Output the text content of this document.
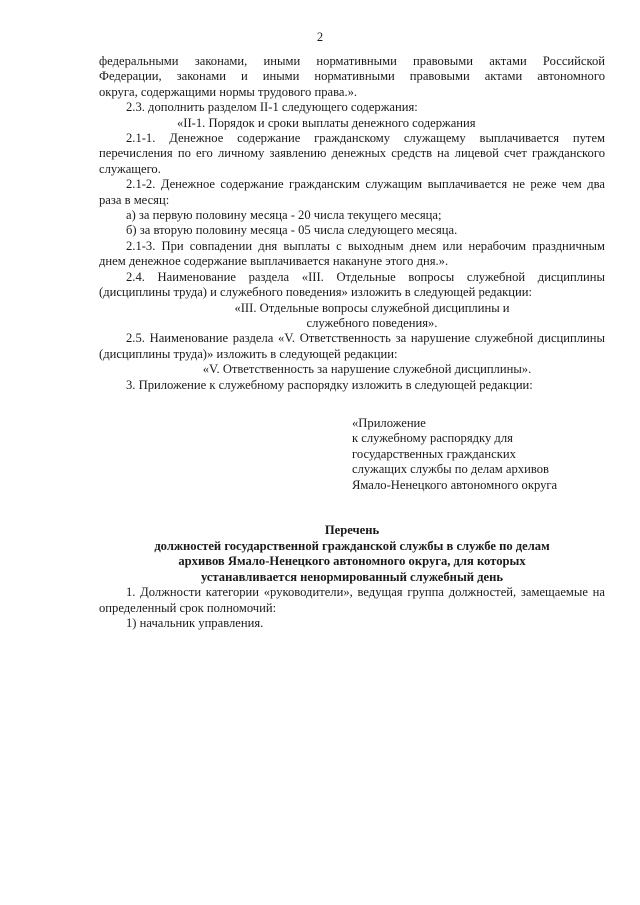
2

федеральными законами, иными нормативными правовыми актами Российской

Федерации, законами и иными нормативными правовыми актами автономного

округа, содержащими нормы трудового права.».

2.3. дополнить разделом II-1 следующего содержания:

«II-1. Порядок и сроки выплаты денежного содержания

2.1-1. Денежное содержание гражданскому служащему выплачивается путем перечисления по его личному заявлению денежных средств на лицевой счет гражданского служащего.

2.1-2. Денежное содержание гражданским служащим выплачивается не реже чем два раза в месяц:

а) за первую половину месяца - 20 числа текущего месяца;

б) за вторую половину месяца - 05 числа следующего месяца.

2.1-3. При совпадении дня выплаты с выходным днем или нерабочим праздничным днем денежное содержание выплачивается накануне этого дня.».

2.4. Наименование раздела «III. Отдельные вопросы служебной дисциплины (дисциплины труда) и служебного поведения» изложить в следующей редакции:

«III. Отдельные вопросы служебной дисциплины и

служебного поведения».

2.5. Наименование раздела «V. Ответственность за нарушение служебной дисциплины (дисциплины труда)» изложить в следующей редакции:

«V. Ответственность за нарушение служебной дисциплины».

3. Приложение к служебному распорядку изложить в следующей редакции:

«Приложение

к служебному распорядку для

государственных гражданских

служащих службы по делам архивов

Ямало-Ненецкого автономного округа

Перечень

должностей государственной гражданской службы в службе по делам

архивов Ямало-Ненецкого автономного округа, для которых

устанавливается ненормированный служебный день

1. Должности категории «руководители», ведущая группа должностей, замещаемые на определенный срок полномочий:

1) начальник управления.
